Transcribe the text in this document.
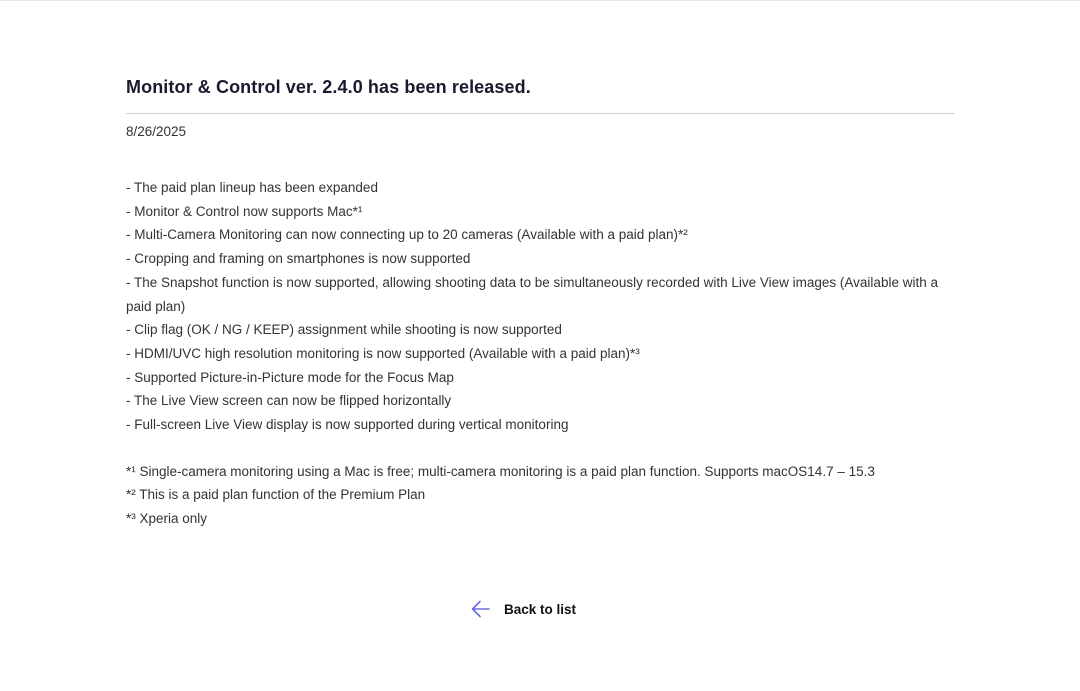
Monitor & Control ver. 2.4.0 has been released.
8/26/2025
- The paid plan lineup has been expanded
- Monitor & Control now supports Mac*¹
- Multi-Camera Monitoring can now connecting up to 20 cameras (Available with a paid plan)*²
- Cropping and framing on smartphones is now supported
- The Snapshot function is now supported, allowing shooting data to be simultaneously recorded with Live View images (Available with a paid plan)
- Clip flag (OK / NG / KEEP) assignment while shooting is now supported
- HDMI/UVC high resolution monitoring is now supported (Available with a paid plan)*³
- Supported Picture-in-Picture mode for the Focus Map
- The Live View screen can now be flipped horizontally
- Full-screen Live View display is now supported during vertical monitoring
*¹ Single-camera monitoring using a Mac is free; multi-camera monitoring is a paid plan function. Supports macOS14.7 – 15.3
*² This is a paid plan function of the Premium Plan
*³ Xperia only
Back to list
